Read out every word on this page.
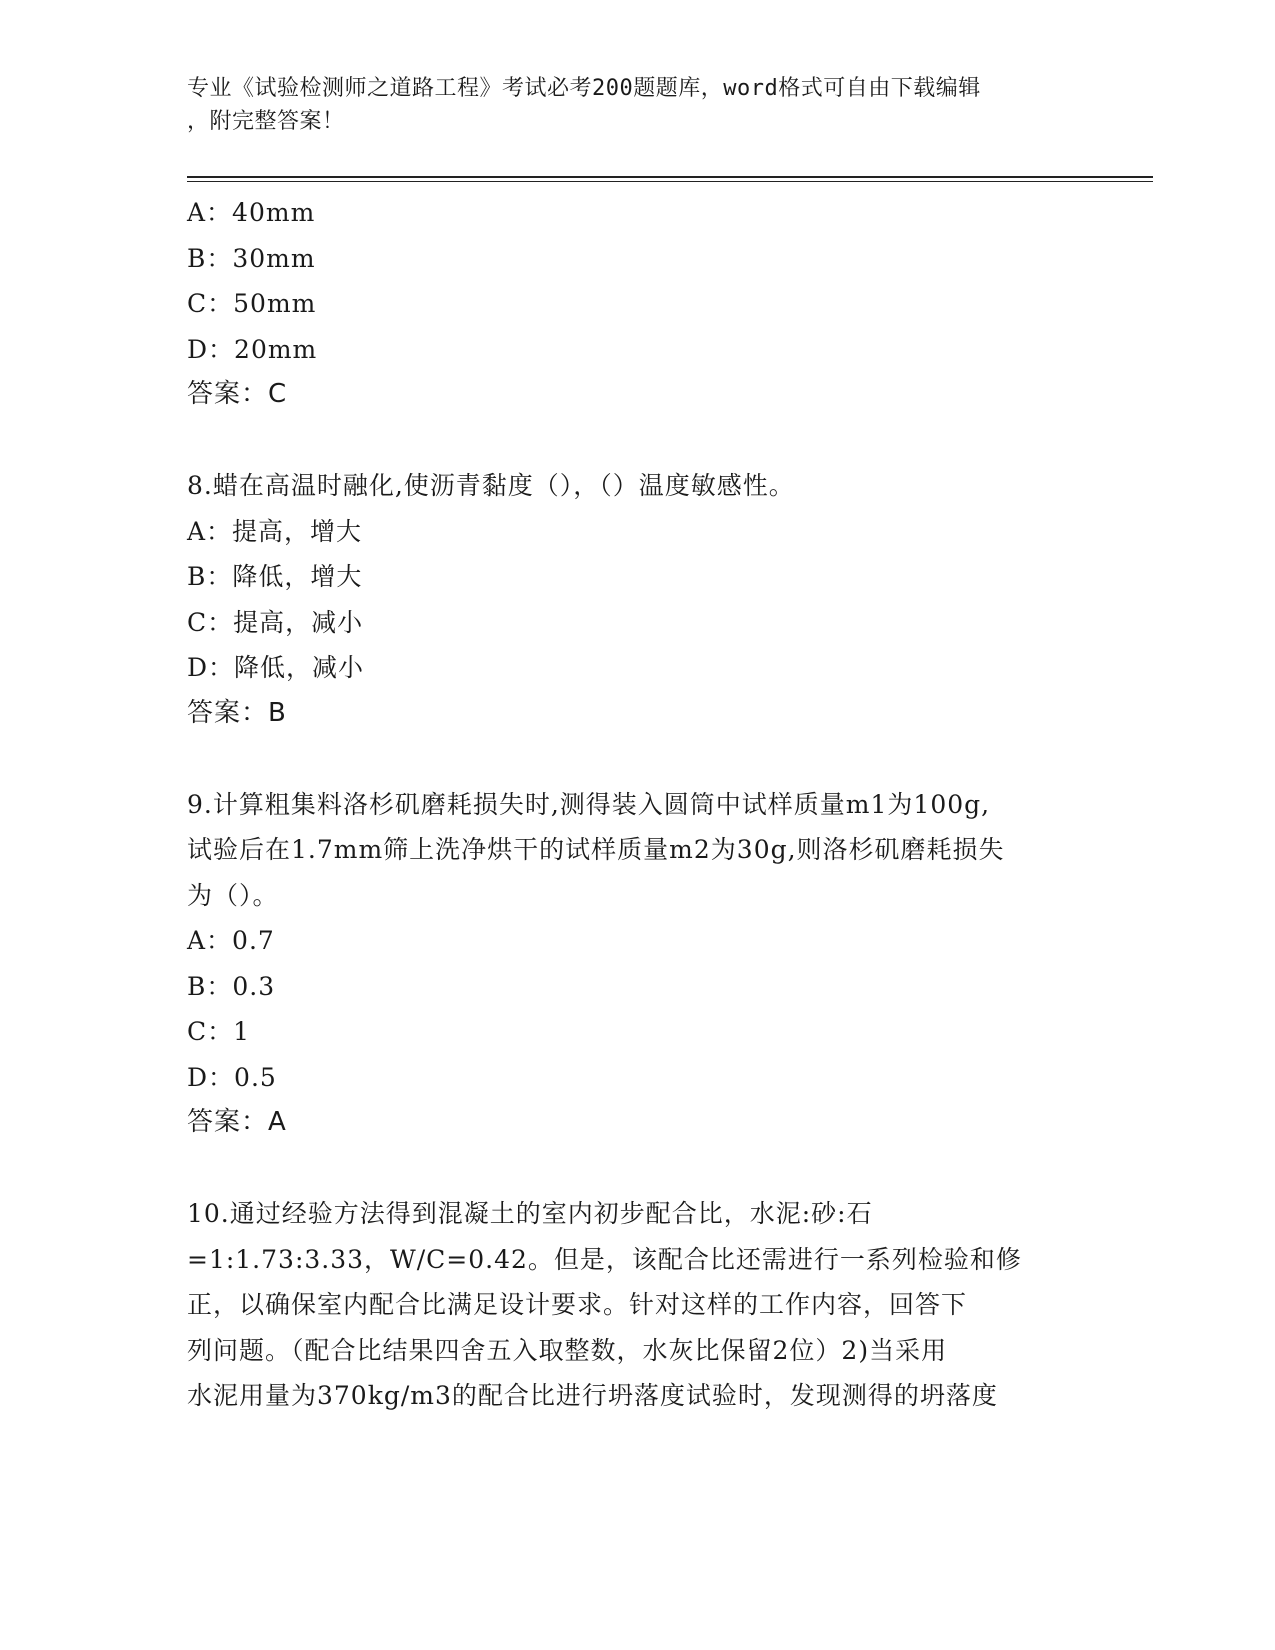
专业《试验检测师之道路工程》考试必考200题题库，word格式可自由下载编辑
，附完整答案！
A：40mm
B：30mm
C：50mm
D：20mm
答案：C
8.蜡在高温时融化,使沥青黏度（），（）温度敏感性。
A：提高，增大
B：降低，增大
C：提高，减小
D：降低，减小
答案：B
9.计算粗集料洛杉矶磨耗损失时,测得装入圆筒中试样质量m1为100g,
试验后在1.7mm筛上洗净烘干的试样质量m2为30g,则洛杉矶磨耗损失
为（）。
A：0.7
B：0.3
C：1
D：0.5
答案：A
10.通过经验方法得到混凝土的室内初步配合比，水泥:砂:石
=1:1.73:3.33，W/C=0.42。但是，该配合比还需进行一系列检验和修
正，以确保室内配合比满足设计要求。针对这样的工作内容，回答下
列问题。（配合比结果四舍五入取整数，水灰比保留2位）2)当采用
水泥用量为370kg/m3的配合比进行坍落度试验时，发现测得的坍落度
